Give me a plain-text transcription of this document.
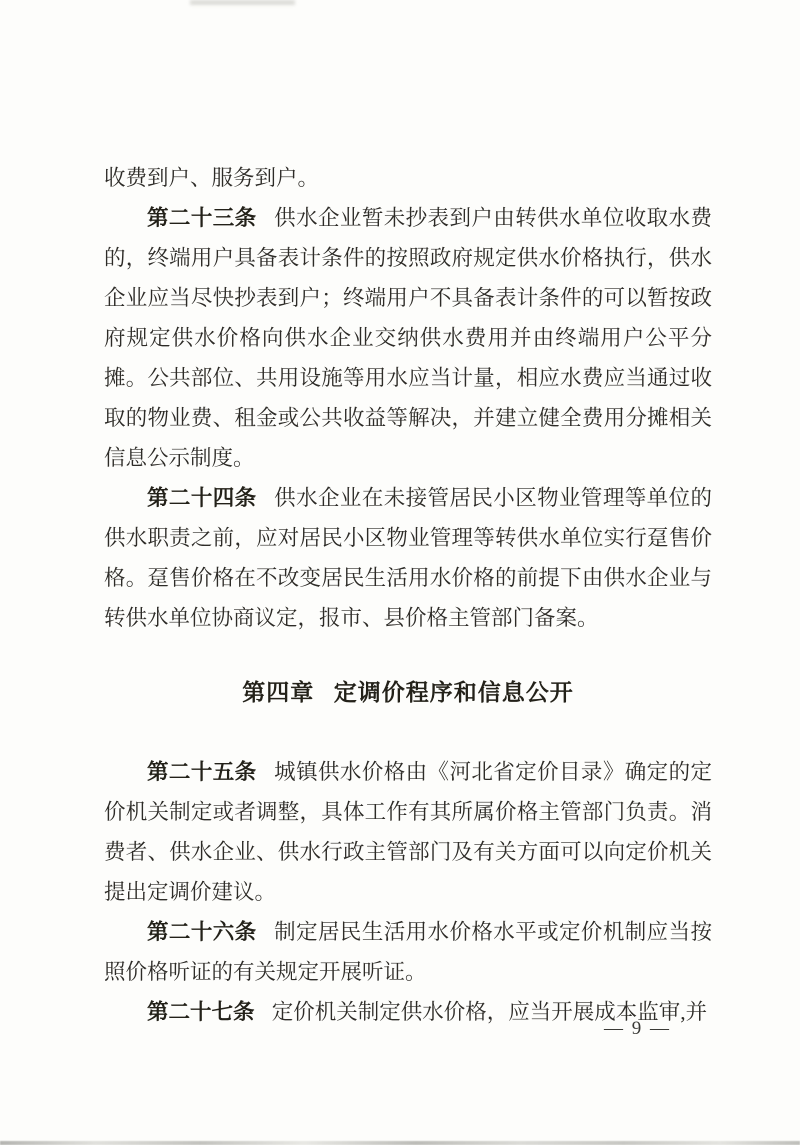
收费到户、服务到户。

第二十三条 供水企业暂未抄表到户由转供水单位收取水费的，终端用户具备表计条件的按照政府规定供水价格执行，供水企业应当尽快抄表到户；终端用户不具备表计条件的可以暂按政府规定供水价格向供水企业交纳供水费用并由终端用户公平分摊。公共部位、共用设施等用水应当计量，相应水费应当通过收取的物业费、租金或公共收益等解决，并建立健全费用分摊相关信息公示制度。

第二十四条 供水企业在未接管居民小区物业管理等单位的供水职责之前，应对居民小区物业管理等转供水单位实行趸售价格。趸售价格在不改变居民生活用水价格的前提下由供水企业与转供水单位协商议定，报市、县价格主管部门备案。

第四章 定调价程序和信息公开

第二十五条 城镇供水价格由《河北省定价目录》确定的定价机关制定或者调整，具体工作有其所属价格主管部门负责。消费者、供水企业、供水行政主管部门及有关方面可以向定价机关提出定调价建议。

第二十六条 制定居民生活用水价格水平或定价机制应当按照价格听证的有关规定开展听证。

第二十七条 定价机关制定供水价格，应当开展成本监审,并

— 9 —
